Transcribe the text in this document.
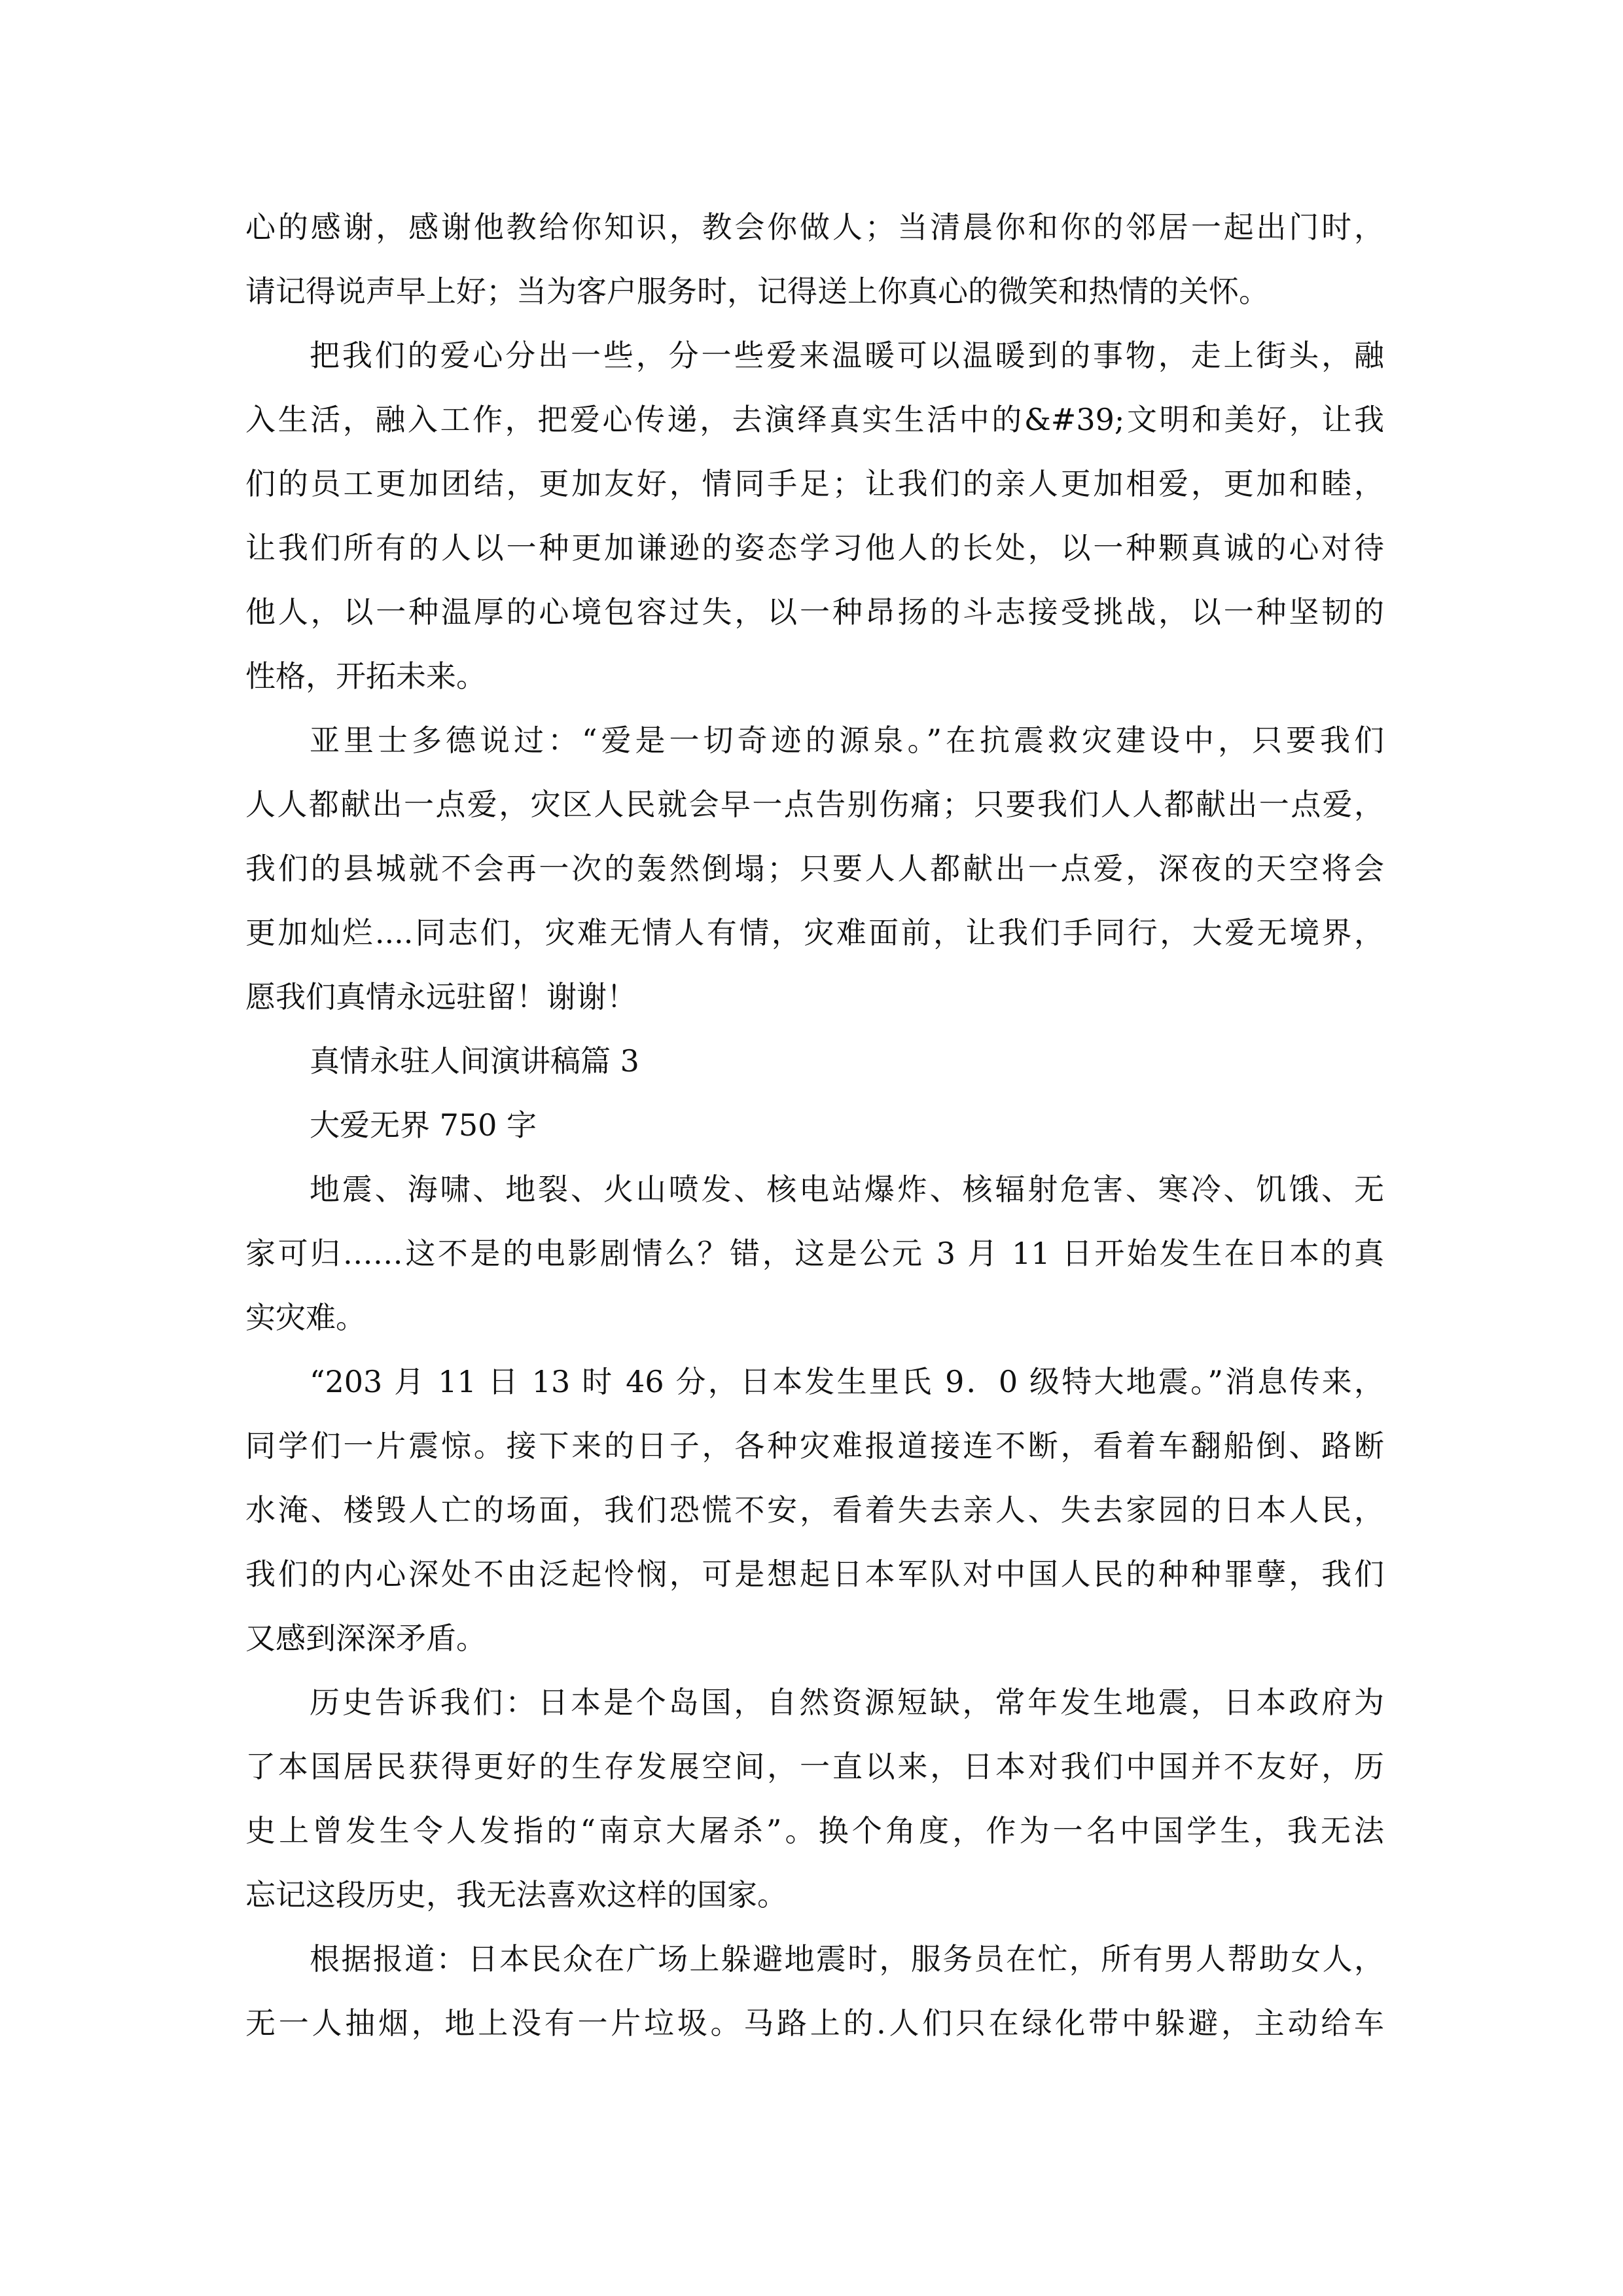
心的感谢，感谢他教给你知识，教会你做人；当清晨你和你的邻居一起出门时，
请记得说声早上好；当为客户服务时，记得送上你真心的微笑和热情的关怀。
把我们的爱心分出一些，分一些爱来温暖可以温暖到的事物，走上街头，融
入生活，融入工作，把爱心传递，去演绎真实生活中的&#39;文明和美好，让我
们的员工更加团结，更加友好，情同手足；让我们的亲人更加相爱，更加和睦，
让我们所有的人以一种更加谦逊的姿态学习他人的长处，以一种颗真诚的心对待
他人，以一种温厚的心境包容过失，以一种昂扬的斗志接受挑战，以一种坚韧的
性格，开拓未来。
亚里士多德说过：“爱是一切奇迹的源泉。”在抗震救灾建设中，只要我们
人人都献出一点爱，灾区人民就会早一点告别伤痛；只要我们人人都献出一点爱，
我们的县城就不会再一次的轰然倒塌；只要人人都献出一点爱，深夜的天空将会
更加灿烂....同志们，灾难无情人有情，灾难面前，让我们手同行，大爱无境界，
愿我们真情永远驻留！谢谢！
真情永驻人间演讲稿篇 3
大爱无界 750 字
地震、海啸、地裂、火山喷发、核电站爆炸、核辐射危害、寒冷、饥饿、无
家可归……这不是的电影剧情么？错，这是公元 3 月 11 日开始发生在日本的真
实灾难。
“203 月 11 日 13 时 46 分，日本发生里氏 9．0 级特大地震。”消息传来，
同学们一片震惊。接下来的日子，各种灾难报道接连不断，看着车翻船倒、路断
水淹、楼毁人亡的场面，我们恐慌不安，看着失去亲人、失去家园的日本人民，
我们的内心深处不由泛起怜悯，可是想起日本军队对中国人民的种种罪孽，我们
又感到深深矛盾。
历史告诉我们：日本是个岛国，自然资源短缺，常年发生地震，日本政府为
了本国居民获得更好的生存发展空间，一直以来，日本对我们中国并不友好，历
史上曾发生令人发指的“南京大屠杀”。换个角度，作为一名中国学生，我无法
忘记这段历史，我无法喜欢这样的国家。
根据报道：日本民众在广场上躲避地震时，服务员在忙，所有男人帮助女人，
无一人抽烟，地上没有一片垃圾。马路上的.人们只在绿化带中躲避，主动给车
